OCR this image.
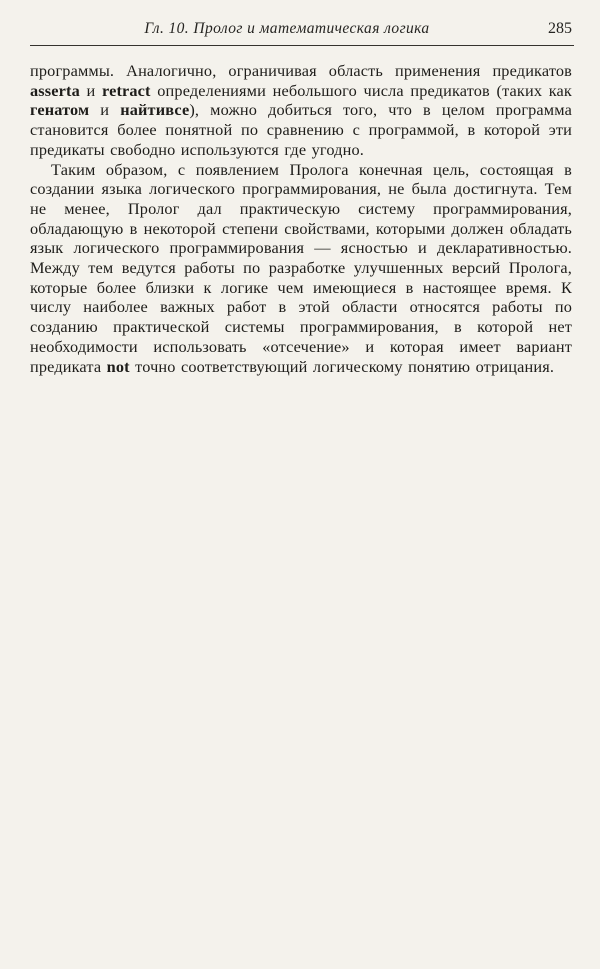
Гл. 10. Пролог и математическая логика	285

программы. Аналогично, ограничивая область применения предикатов asserta и retract определениями небольшого числа предикатов (таких как генатом и найтивсе), можно добиться того, что в целом программа становится более понятной по сравнению с программой, в которой эти предикаты свободно используются где угодно.

Таким образом, с появлением Пролога конечная цель, состоящая в создании языка логического программирования, не была достигнута. Тем не менее, Пролог дал практическую систему программирования, обладающую в некоторой степени свойствами, которыми должен обладать язык логического программирования — ясностью и декларативностью. Между тем ведутся работы по разработке улучшенных версий Пролога, которые более близки к логике чем имеющиеся в настоящее время. К числу наиболее важных работ в этой области относятся работы по созданию практической системы программирования, в которой нет необходимости использовать «отсечение» и которая имеет вариант предиката not точно соответствующий логическому понятию отрицания.
